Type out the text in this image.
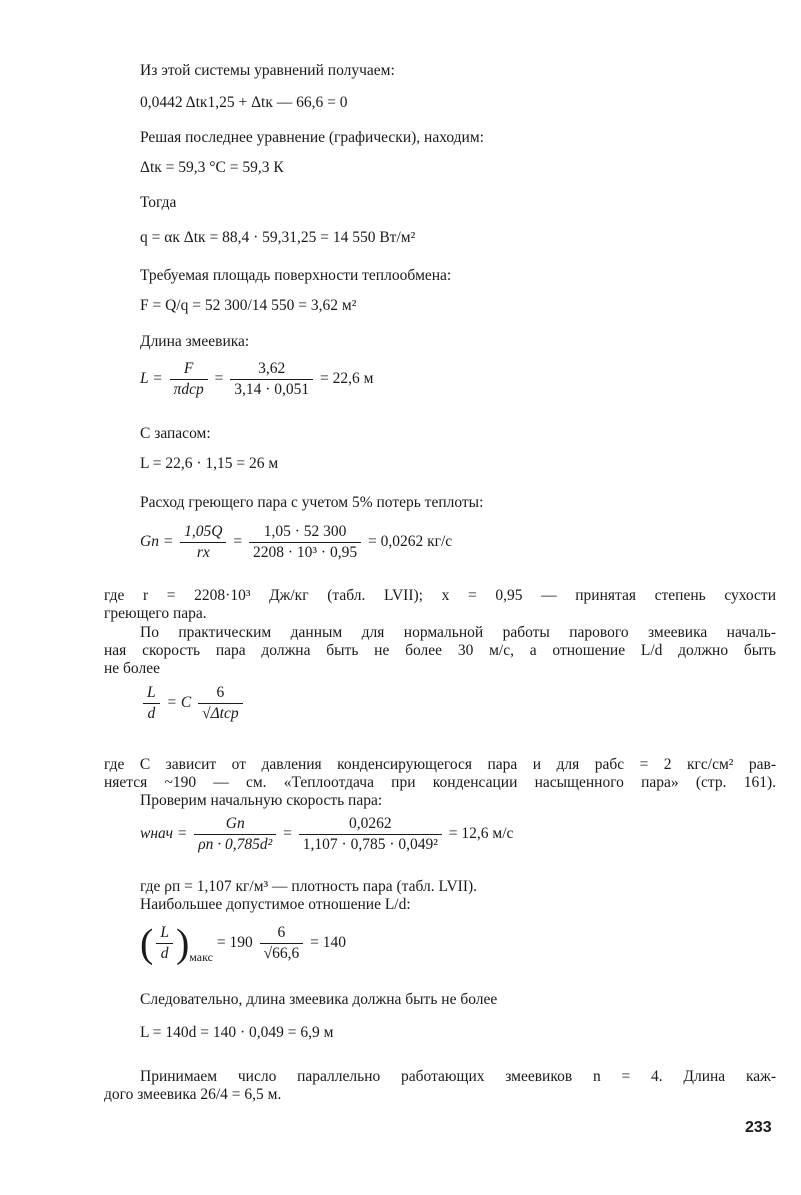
Из этой системы уравнений получаем:
0,0442 Δtк1,25 + Δtк — 66,6 = 0
Решая последнее уравнение (графически), находим:
Δtк = 59,3 °С = 59,3 К
Тогда
q = αк Δtк = 88,4 · 59,31,25 = 14 550 Вт/м²
Требуемая площадь поверхности теплообмена:
F = Q/q = 52 300/14 550 = 3,62 м²
Длина змеевика:
$L = \frac{F}{\text{πdср}} = \frac{3,62}{3,14 \cdot 0,051} = 22,6$ м
С запасом:
L = 22,6 · 1,15 = 26 м
Расход греющего пара с учетом 5% потерь теплоты:
Gп = $\frac{1,05Q}{rx} = \frac{1,05 \cdot 52 300}{\text{2208 · 10³ · 0,95}} = 0,0262$ кг/с
где r = 2208·10³ Дж/кг (табл. LVII); x = 0,95 — принятая степень сухости
греющего пара.
По практическим данным для нормальной работы парового змеевика началь-
ная скорость пара должна быть не более 30 м/с, а отношение L/d должно быть
не более
$\frac{L}{d} = C \frac{6}{\text{√Δtср}}$
где C зависит от давления конденсирующегося пара и для pабс = 2 кгс/см² рав-
няется ~190 — см. «Теплоотдача при конденсации насыщенного пара» (стр. 161).
Проверим начальную скорость пара:
wнач = $\frac{Gп}{\text{ρп · 0,785d²}} = \frac{0,0262}{\text{1,107 · 0,785 · 0,049²}} = 12,6$ м/с
где ρп = 1,107 кг/м³ — плотность пара (табл. LVII).
Наибольшее допустимое отношение L/d:
( $\frac{L}{d} )_{макс} = 190 \frac{6}{√66,6} = 140$
Следовательно, длина змеевика должна быть не более
L = 140d = 140 · 0,049 = 6,9 м
Принимаем число параллельно работающих змеевиков n = 4. Длина каж-
дого змеевика 26/4 = 6,5 м.
233
